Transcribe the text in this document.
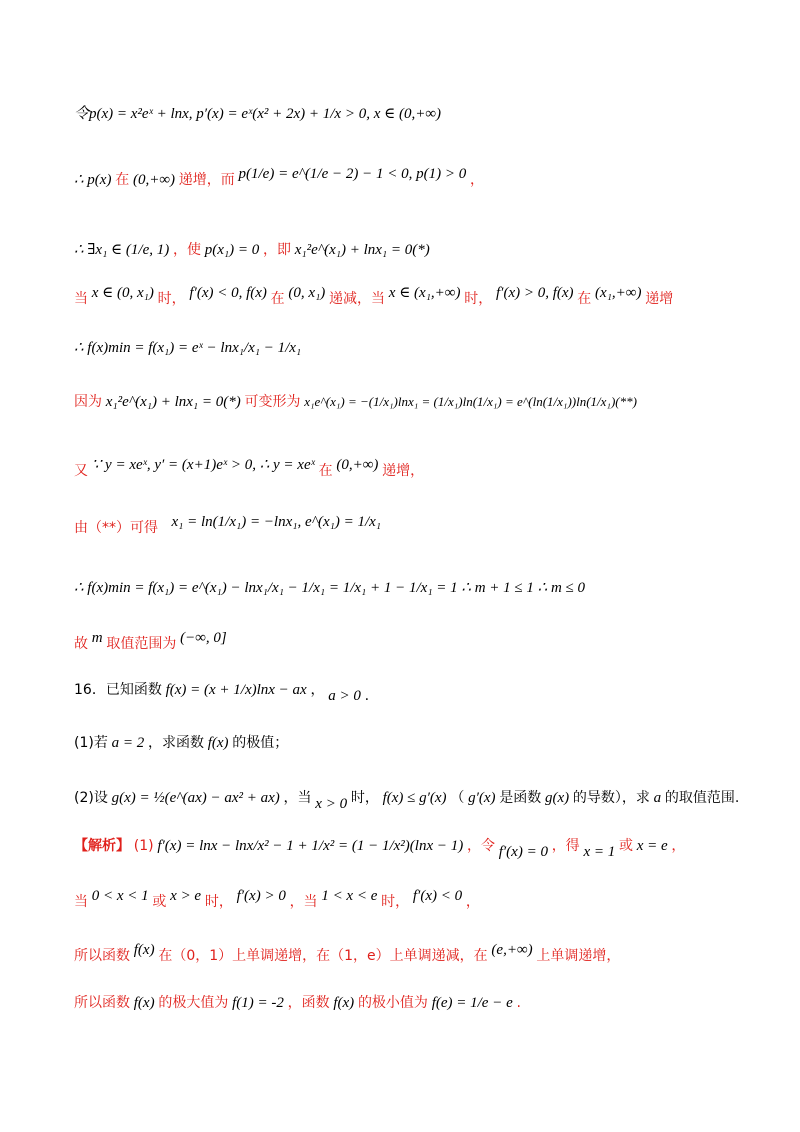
令p(x) = x²eˣ + lnx, p′(x) = eˣ(x² + 2x) + 1/x > 0, x ∈ (0,+∞)
∴ p(x) 在 (0,+∞) 递增，而 p(1/e) = e^(1/e − 2) − 1 < 0, p(1) > 0 ，
∴ ∃x₁ ∈ (1/e, 1) ，使 p(x₁) = 0 ，即 x₁²e^(x₁) + lnx₁ = 0(*)
当 x ∈ (0, x₁) 时， f′(x) < 0, f(x) 在 (0, x₁) 递减，当 x ∈ (x₁,+∞) 时， f′(x) > 0, f(x) 在 (x₁,+∞) 递增
∴ f(x)min = f(x₁) = eˣ − lnx₁/x₁ − 1/x₁
因为 x₁²e^(x₁) + lnx₁ = 0(*) 可变形为 x₁e^(x₁) = −(1/x₁)lnx₁ = (1/x₁)ln(1/x₁) = e^(ln(1/x₁))ln(1/x₁)(**)
又 ∵ y = xeˣ, y′ = (x+1)eˣ > 0, ∴ y = xeˣ 在 (0,+∞) 递增，
由（**）可得 x₁ = ln(1/x₁) = −lnx₁, e^(x₁) = 1/x₁
∴ f(x)min = f(x₁) = e^(x₁) − lnx₁/x₁ − 1/x₁ = 1/x₁ + 1 − 1/x₁ = 1 ∴ m + 1 ≤ 1 ∴ m ≤ 0
故 m 取值范围为 (−∞, 0]
16．已知函数 f(x) = (x + 1/x)lnx − ax ， a > 0 .
(1)若 a = 2 ，求函数 f(x) 的极值；
(2)设 g(x) = ½(e^(ax) − ax² + ax) ，当 x > 0 时， f(x) ≤ g′(x) （ g′(x) 是函数 g(x) 的导数），求 a 的取值范围.
【解析】 (1) f′(x) = lnx − lnx/x² − 1 + 1/x² = (1 − 1/x²)(lnx − 1) ，令 f′(x) = 0 ，得 x = 1 或 x = e ，
当 0 < x < 1 或 x > e 时， f′(x) > 0 ，当 1 < x < e 时， f′(x) < 0 ，
所以函数 f(x) 在（0，1）上单调递增，在（1，e）上单调递减，在 (e,+∞) 上单调递增，
所以函数 f(x) 的极大值为 f(1) = -2 ，函数 f(x) 的极小值为 f(e) = 1/e − e .
